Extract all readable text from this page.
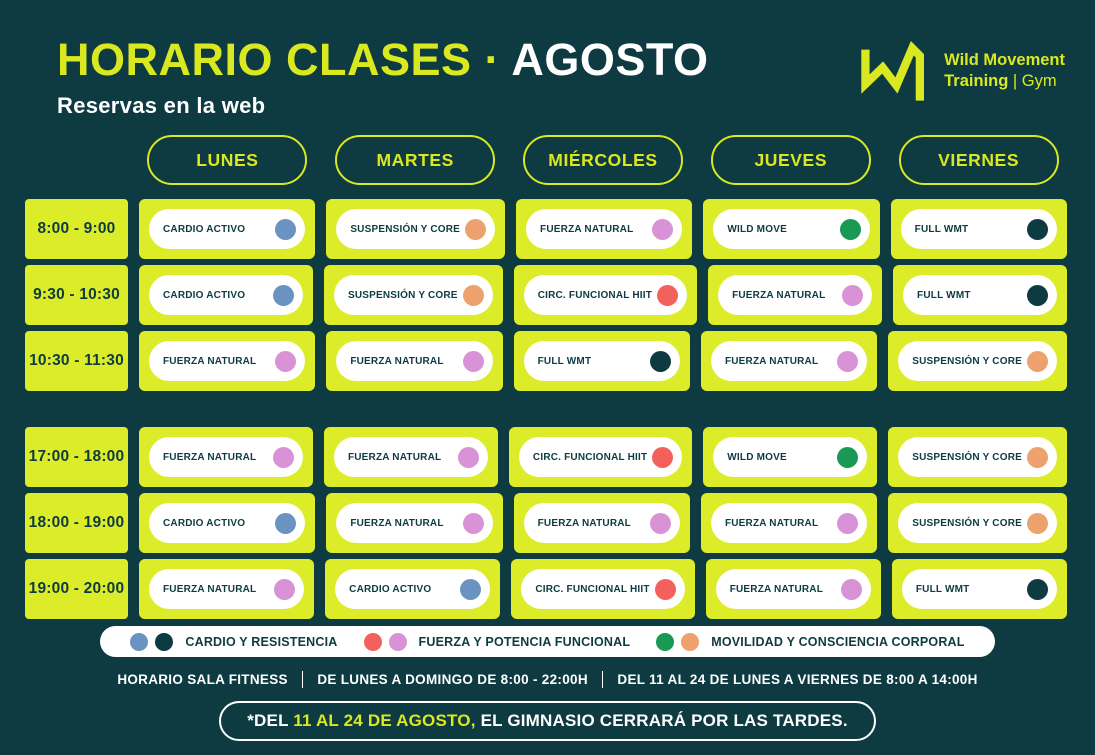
HORARIO CLASES · AGOSTO
Reservas en la web
Wild Movement
Training | Gym
LUNES	MARTES	MIÉRCOLES	JUEVES	VIERNES
8:00 - 9:00	CARDIO ACTIVO	SUSPENSIÓN Y CORE	FUERZA NATURAL	WILD MOVE	FULL WMT
9:30 - 10:30	CARDIO ACTIVO	SUSPENSIÓN Y CORE	CIRC. FUNCIONAL HIIT	FUERZA NATURAL	FULL WMT
10:30 - 11:30	FUERZA NATURAL	FUERZA NATURAL	FULL WMT	FUERZA NATURAL	SUSPENSIÓN Y CORE
17:00 - 18:00	FUERZA NATURAL	FUERZA NATURAL	CIRC. FUNCIONAL HIIT	WILD MOVE	SUSPENSIÓN Y CORE
18:00 - 19:00	CARDIO ACTIVO	FUERZA NATURAL	FUERZA NATURAL	FUERZA NATURAL	SUSPENSIÓN Y CORE
19:00 - 20:00	FUERZA NATURAL	CARDIO ACTIVO	CIRC. FUNCIONAL HIIT	FUERZA NATURAL	FULL WMT
CARDIO Y RESISTENCIA	FUERZA Y POTENCIA FUNCIONAL	MOVILIDAD Y CONSCIENCIA CORPORAL
HORARIO SALA FITNESS DE LUNES A DOMINGO DE 8:00 - 22:00H DEL 11 AL 24 DE LUNES A VIERNES DE 8:00 A 14:00H
*DEL 11 AL 24 DE AGOSTO, EL GIMNASIO CERRARÁ POR LAS TARDES.
